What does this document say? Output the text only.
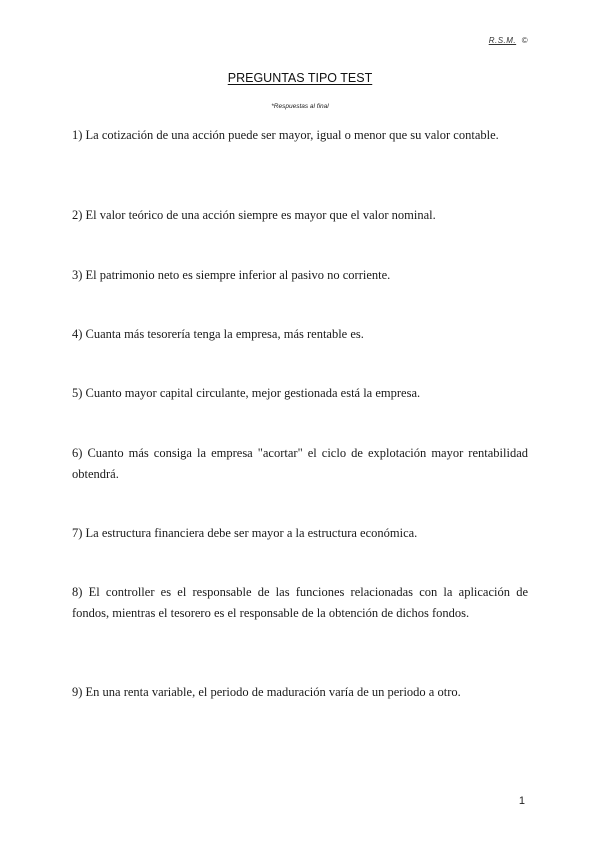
R.S.M. ©
PREGUNTAS TIPO TEST
*Respuestas al final

1) La cotización de una acción puede ser mayor, igual o menor que su valor contable.

2) El valor teórico de una acción siempre es mayor que el valor nominal.

3) El patrimonio neto es siempre inferior al pasivo no corriente.

4) Cuanta más tesorería tenga la empresa, más rentable es.

5) Cuanto mayor capital circulante, mejor gestionada está la empresa.

6) Cuanto más consiga la empresa "acortar" el ciclo de explotación mayor rentabilidad obtendrá.

7) La estructura financiera debe ser mayor a la estructura económica.

8) El controller es el responsable de las funciones relacionadas con la aplicación de fondos, mientras el tesorero es el responsable de la obtención de dichos fondos.

9) En una renta variable, el periodo de maduración varía de un periodo a otro.

1
